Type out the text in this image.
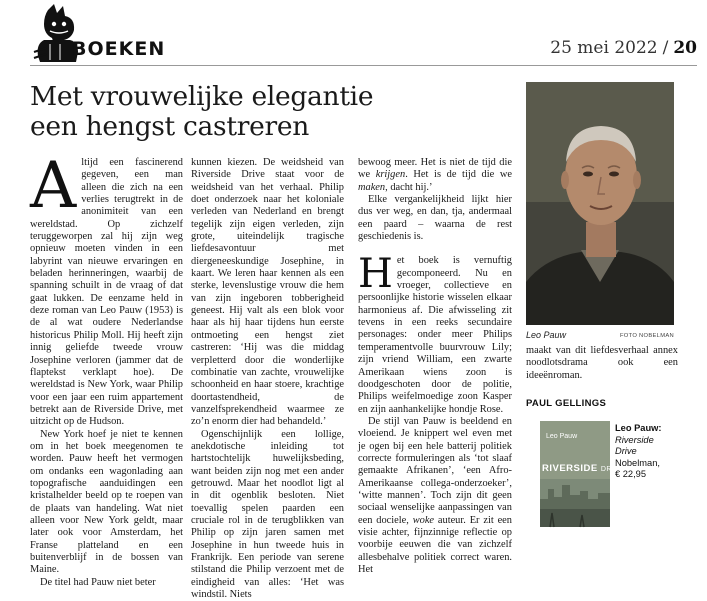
BOEKEN	25 mei 2022 / 20
Met vrouwelijke elegantie
een hengst castreren

Altijd een fascinerend gegeven, een man alleen die zich na een verlies terugtrekt in de anonimiteit van een wereldstad. Op zichzelf teruggeworpen zal hij zijn weg opnieuw moeten vinden in een labyrint van nieuwe ervaringen en beladen herinneringen, waarbij de spanning schuilt in de vraag of dat gaat lukken. De eenzame held in deze roman van Leo Pauw (1953) is de al wat oudere Nederlandse historicus Philip Moll. Hij heeft zijn innig geliefde tweede vrouw Josephine verloren (jammer dat de flaptekst verklapt hoe). De wereldstad is New York, waar Philip voor een jaar een ruim appartement betrekt aan de Riverside Drive, met uitzicht op de Hudson.

New York hoef je niet te kennen om in het boek meegenomen te worden. Pauw heeft het vermogen om ondanks een wagonlading aan topografische aanduidingen een kristalhelder beeld op te roepen van de plaats van handeling. Wat niet alleen voor New York geldt, maar later ook voor Amsterdam, het Franse platteland en een buitenverblijf in de bossen van Maine.

De titel had Pauw niet beter

kunnen kiezen. De weidsheid van Riverside Drive staat voor de weidsheid van het verhaal. Philip doet onderzoek naar het koloniale verleden van Nederland en brengt tegelijk zijn eigen verleden, zijn grote, uiteindelijk tragische liefdesavontuur met diergeneeskundige Josephine, in kaart. We leren haar kennen als een sterke, levenslustige vrouw die hem van zijn ingeboren tobberigheid geneest. Hij valt als een blok voor haar als hij haar tijdens hun eerste ontmoeting een hengst ziet castreren: ‘Hij was die middag verpletterd door die wonderlijke combinatie van zachte, vrouwelijke schoonheid en haar stoere, krachtige doortastendheid, de vanzelfsprekendheid waarmee ze zo’n enorm dier had behandeld.’

Ogenschijnlijk een lollige, anekdotische inleiding tot hartstochtelijk huwelijksbeding, want beiden zijn nog met een ander getrouwd. Maar het noodlot ligt al in dit ogenblik besloten. Niet toevallig spelen paarden een cruciale rol in de terugblikken van Philip op zijn jaren samen met Josephine in hun tweede huis in Frankrijk. Een periode van serene stilstand die Philip verzoent met de eindigheid van alles: ‘Het was windstil. Niets

bewoog meer. Het is niet de tijd die we krijgen. Het is de tijd die we maken, dacht hij.’

Elke vergankelijkheid lijkt hier dus ver weg, en dan, tja, andermaal een paard – waarna de rest geschiedenis is.

Het boek is vernuftig gecomponeerd. Nu en vroeger, collectieve en persoonlijke historie wisselen elkaar harmonieus af. Die afwisseling zit tevens in een reeks secundaire personages: onder meer Philips temperamentvolle buurvrouw Lily; zijn vriend William, een zwarte Amerikaan wiens zoon is doodgeschoten door de politie, Philips weifelmoedige zoon Kasper en zijn aanhankelijke hondje Rose.

De stijl van Pauw is beeldend en vloeiend. Je knippert wel even met je ogen bij een hele batterij politiek correcte formuleringen als ‘tot slaaf gemaakte Afrikanen’, ‘een Afro-Amerikaanse collega-onderzoeker’, ‘witte mannen’. Toch zijn dit geen sociaal wenselijke aanpassingen van een dociele, woke auteur. Er zit een visie achter, fijnzinnige reflectie op voorbije eeuwen die van zichzelf allesbehalve politiek correct waren. Het

Leo Pauw	FOTO NOBELMAN

maakt van dit liefdesverhaal annex noodlotsdrama ook een ideeënroman.

PAUL GELLINGS
Leo Pauw
RIVERSIDE DRIVE
Leo Pauw:
Riverside
Drive
Nobelman,
€ 22,95
